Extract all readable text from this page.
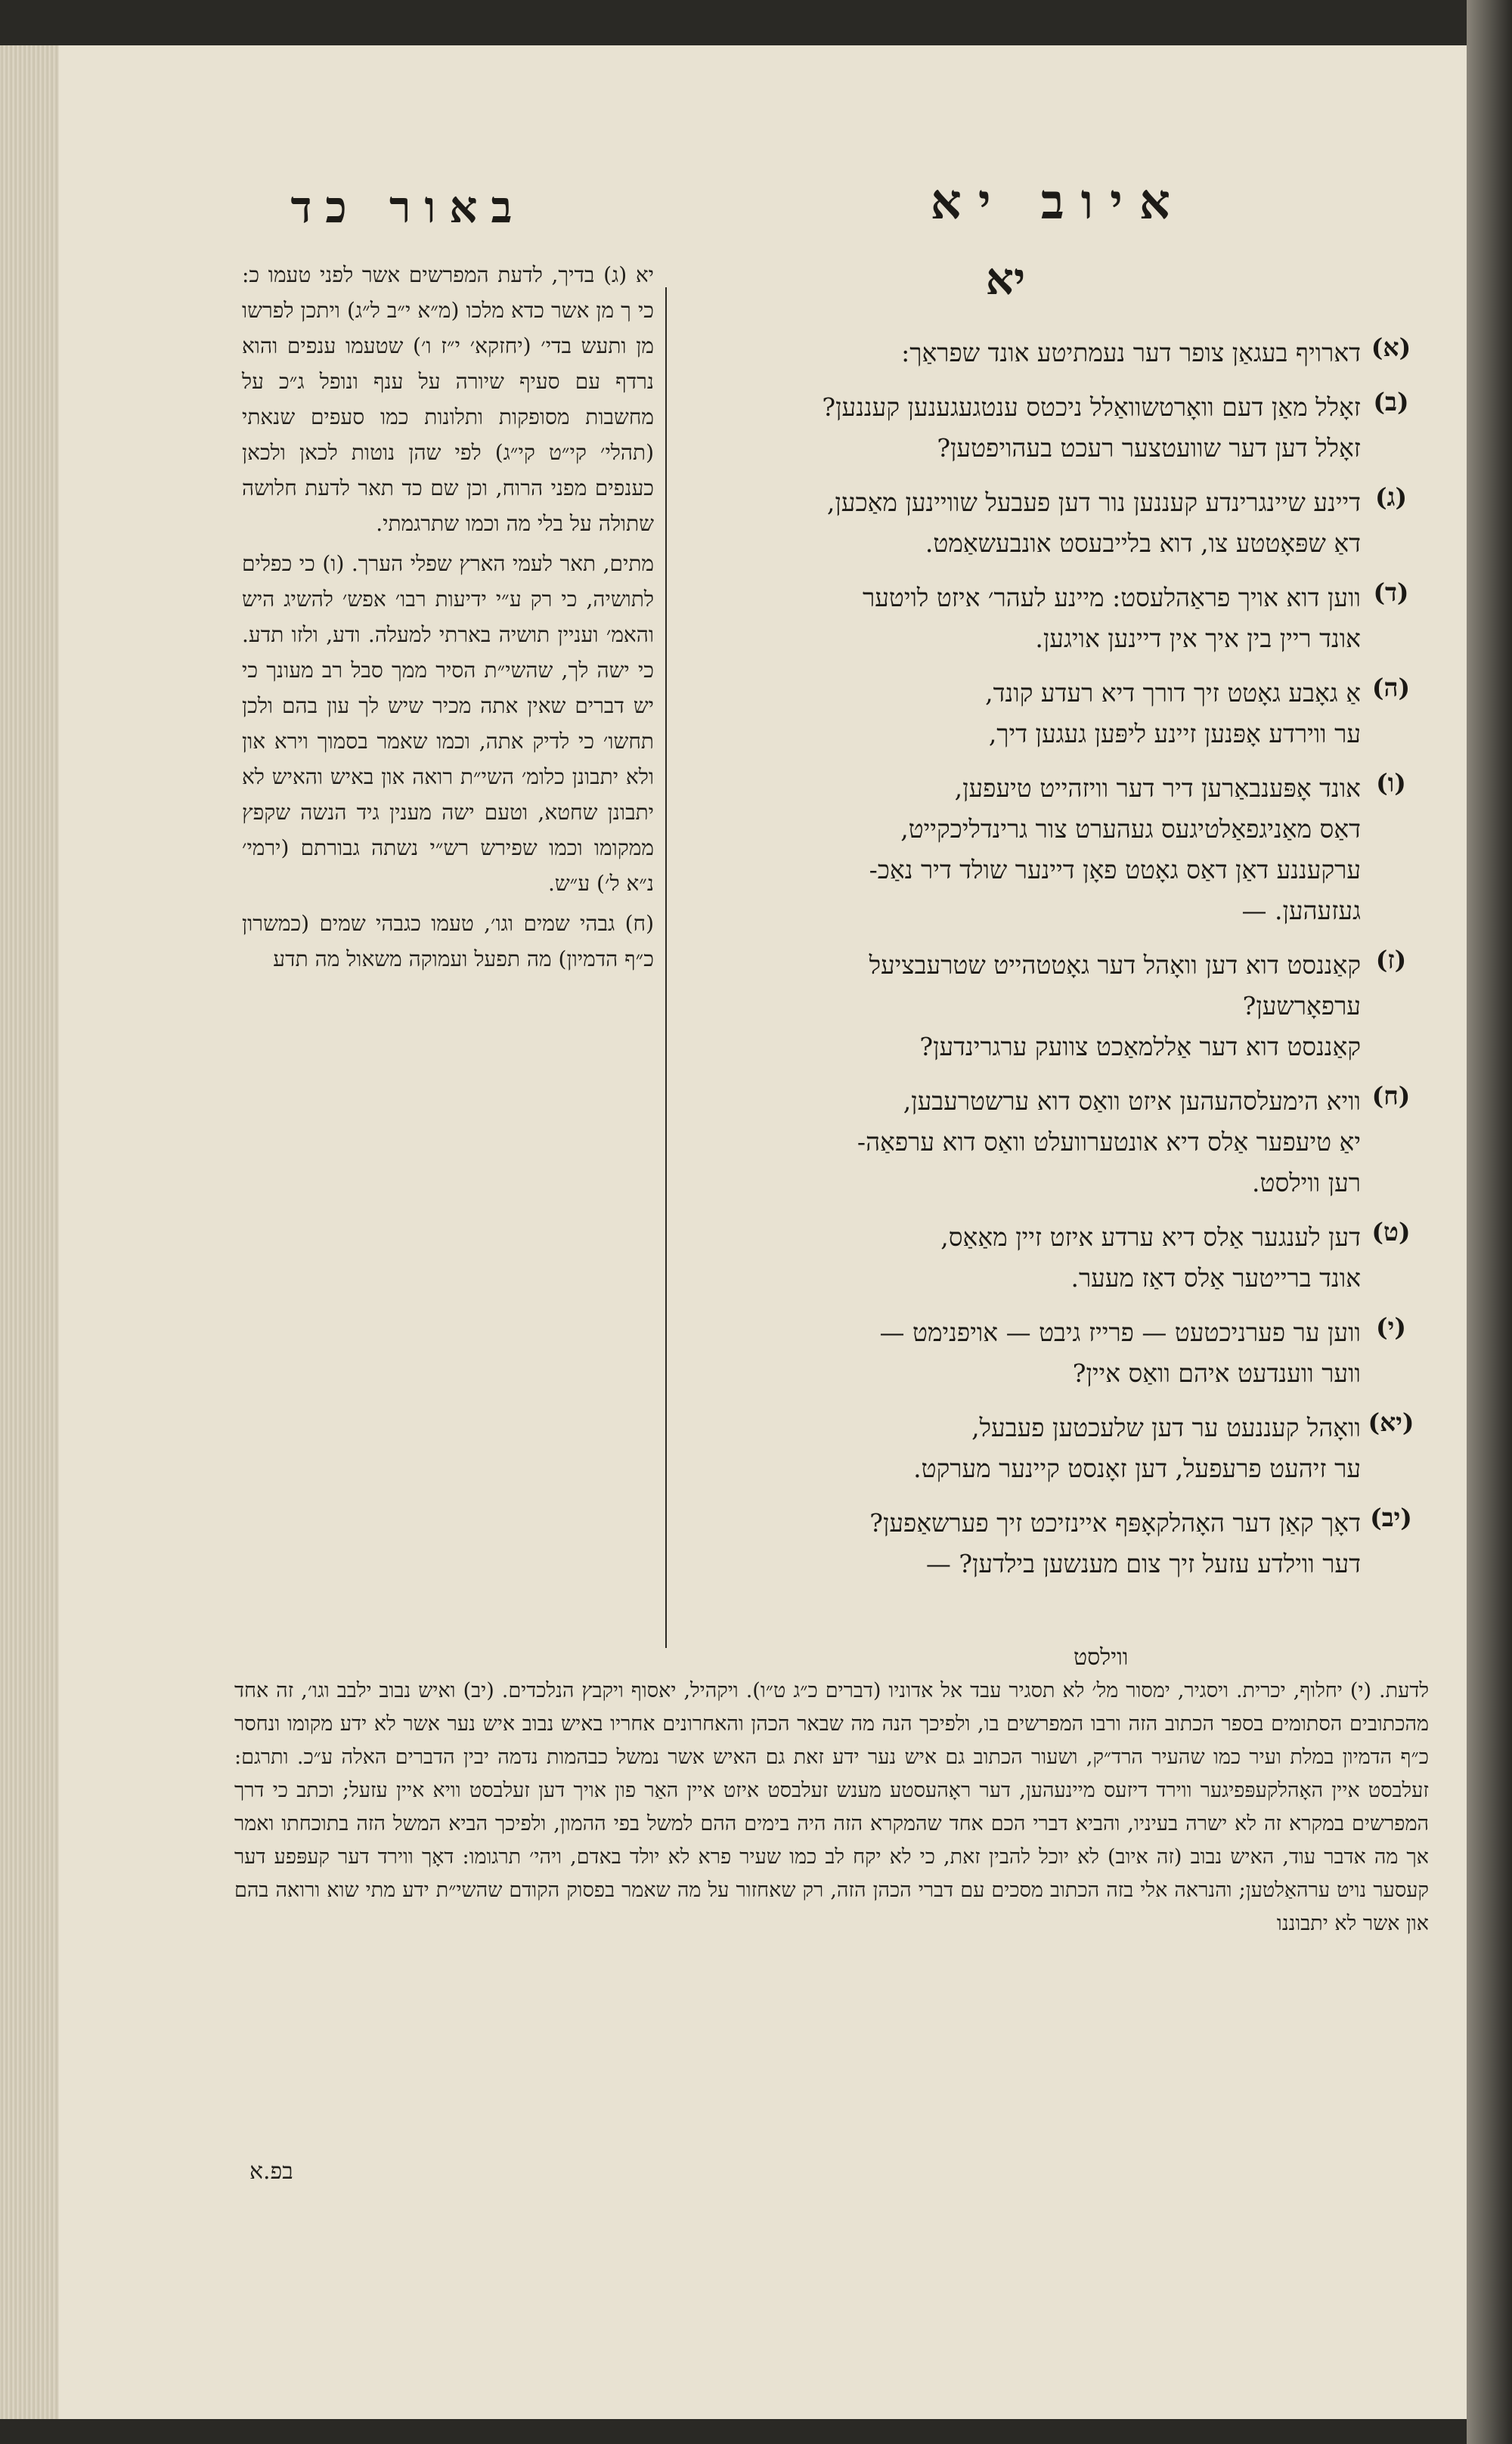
איוב יא
באור כד
יא

יא (ג) בדיך, לדעת המפרשים אשר לפני טעמו כ: כי ך מן אשר כדא מלכו (מ״א י״ב ל״ג) ויתכן לפרשו מן ותעש בדי׳ (יחזקא׳ י״ז ו׳) שטעמו ענפים והוא נרדף עם סעיף שיורה על ענף ונופל ג״כ על מחשבות מסופקות ותלונות כמו סעפים שנאתי (תהלי׳ קי״ט קי״ג) לפי שהן נוטות לכאן ולכאן כענפים מפני הרוח, וכן שם כד תאר לדעת חלושה שתולה על בלי מה וכמו שתרגמתי.

מתים, תאר לעמי הארץ שפלי הערך. (ו) כי כפלים לתושיה, כי רק ע״י ידיעות רבו׳ אפש׳ להשיג היש והאמ׳ ועניין תושיה בארתי למעלה. ודע, ולזו תדע. כי ישה לך, שהשי״ת הסיר ממך סבל רב מעונך כי יש דברים שאין אתה מכיר שיש לך עון בהם ולכן תחשו׳ כי לדיק אתה, וכמו שאמר בסמוך וירא און ולא יתבונן כלומ׳ השי״ת רואה און באיש והאיש לא יתבונן שחטא, וטעם ישה מענין גיד הנשה שקפץ ממקומו וכמו שפירש רש״י נשתה גבורתם (ירמי׳ נ״א ל׳) ע״ש.

(ח) גבהי שמים וגו׳, טעמו כגבהי שמים (כמשרון כ״ף הדמיון) מה תפעל ועמוקה משאול מה תדע

(א)
דארויף בעגאַן צופר דער נעמתיטע אונד שפראַך:
(ב)
זאָלל מאַן דעם וואָרטשוואַלל ניכטס ענטגעגענען קעננען?
זאָלל דען דער שוועטצער רעכט בעהויפטען?
(ג)
דיינע שיינגרינדע קעננען נור דען פעבעל שוויינען מאַכען,
דאַ שפּאָטטע צו, דוא בלייבעסט אונבעשאַמט.
(ד)
ווען דוא אויך פראַהלעסט: מיינע לעהר׳ איזט לויטער
אונד ריין בין איך אין דיינען אויגען.
(ה)
אַ גאָבע גאָטט זיך דורך דיא רעדע קונד,
ער ווירדע אָפּנען זיינע ליפּען געגען דיך,
(ו)
אונד אָפּענבאַרען דיר דער וויזהייט טיעפען,
דאַס מאַניגפאַלטיגעס געהערט צור גרינדליכקייט,
ערקעננע דאַן דאַס גאָטט פאָן דיינער שולד דיר נאַכ-
געזעהען. —
(ז)
קאַננסט דוא דען וואָהל דער גאָטטהייט שטרעבציעל
ערפאָרשען?
קאַננסט דוא דער אַללמאַכט צוועק ערגרינדען?
(ח)
וויא הימעלסהעהען איזט וואַס דוא ערשטרעבען,
יאַ טיעפער אַלס דיא אונטערוועלט וואַס דוא ערפאַה-
רען ווילסט.
(ט)
דען לענגער אַלס דיא ערדע איזט זיין מאַאַס,
אונד ברייטער אַלס דאַז מעער.
(י)
ווען ער פערניכטעט — פרייז גיבט — אויפנימט —
ווער ווענדעט איהם וואַס איין?
(יא)
וואָהל קעננעט ער דען שלעכטען פעבעל,
ער זיהעט פרעפעל, דען זאָנסט קיינער מערקט.
(יב)
דאָך קאַן דער האָהלקאָפּף איינזיכט זיך פערשאַפען?
דער ווילדע עזעל זיך צום מענשען בילדען? —
ווילסט
לדעת. (י) יחלוף, יכרית. ויסגיר, ימסור מל׳ לא תסגיר עבד אל אדוניו (דברים כ״ג ט״ו). ויקהיל, יאסוף ויקבץ הנלכדים. (יב) ואיש נבוב ילבב וגו׳, זה אחד מהכתובים הסתומים בספר הכתוב הזה ורבו המפרשים בו, ולפיכך הנה מה שבאר הכהן והאחרונים אחריו באיש נבוב איש נער אשר לא ידע מקומו ונחסר כ״ף הדמיון במלת ועיר כמו שהעיר הרד״ק, ושעור הכתוב גם איש נער ידע זאת גם האיש אשר נמשל כבהמות נדמה יבין הדברים האלה ע״כ. ותרגם: זעלבסט איין האָהלקעפּפיגער ווירד דיזעס מיינעהען, דער ראָהעסטע מענש זעלבסט איזט איין האַר פון אויך דען זעלבסט וויא איין עזעל; וכתב כי דרך המפרשים במקרא זה לא ישרה בעיניו, והביא דברי הכם אחד שהמקרא הזה היה בימים ההם למשל בפי ההמון, ולפיכך הביא המשל הזה בתוכחתו ואמר אך מה אדבר עוד, האיש נבוב (זה איוב) לא יוכל להבין זאת, כי לא יקח לב כמו שעיר פרא לא יולד באדם, ויהי׳ תרגומו: דאָך ווירד דער קעפּפע דער קעסער נויט ערהאַלטען; והנראה אלי בזה הכתוב מסכים עם דברי הכהן הזה, רק שאחזור על מה שאמר בפסוק הקודם שהשי״ת ידע מתי שוא ורואה בהם און אשר לא יתבוננו
בפ.א
